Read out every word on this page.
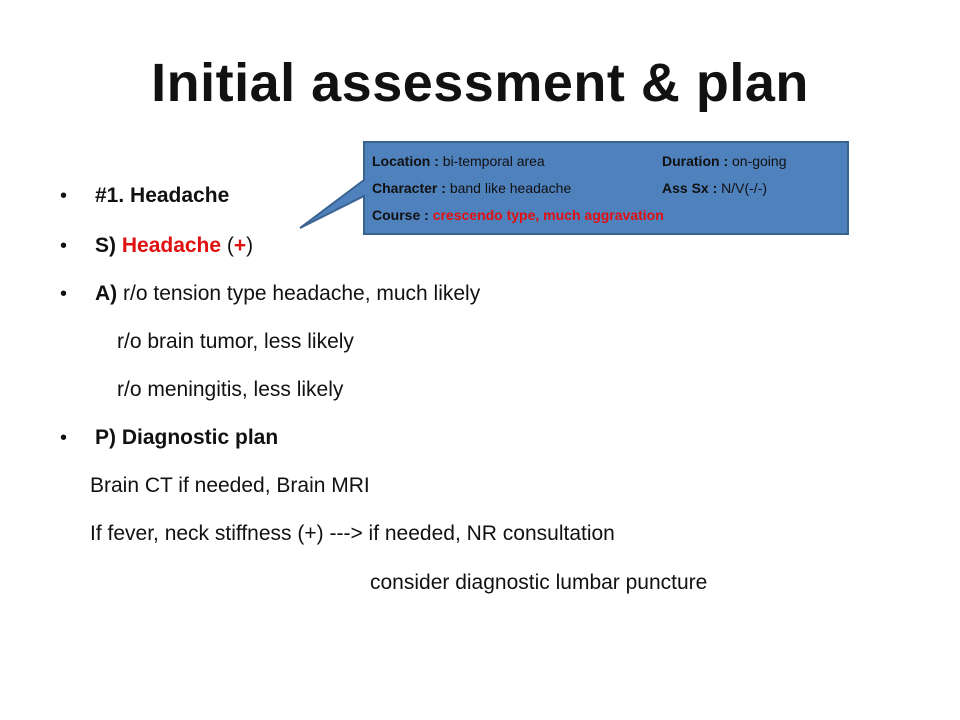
Initial assessment & plan
Location : bi-temporal area	Duration : on-going
Character : band like headache	Ass Sx : N/V(-/-)
Course : crescendo type, much aggravation
• #1. Headache
• S) Headache (+)
• A) r/o tension type headache, much likely
r/o brain tumor, less likely
r/o meningitis, less likely
• P) Diagnostic plan
Brain CT if needed, Brain MRI
If fever, neck stiffness (+) ---> if needed, NR consultation
consider diagnostic lumbar puncture
